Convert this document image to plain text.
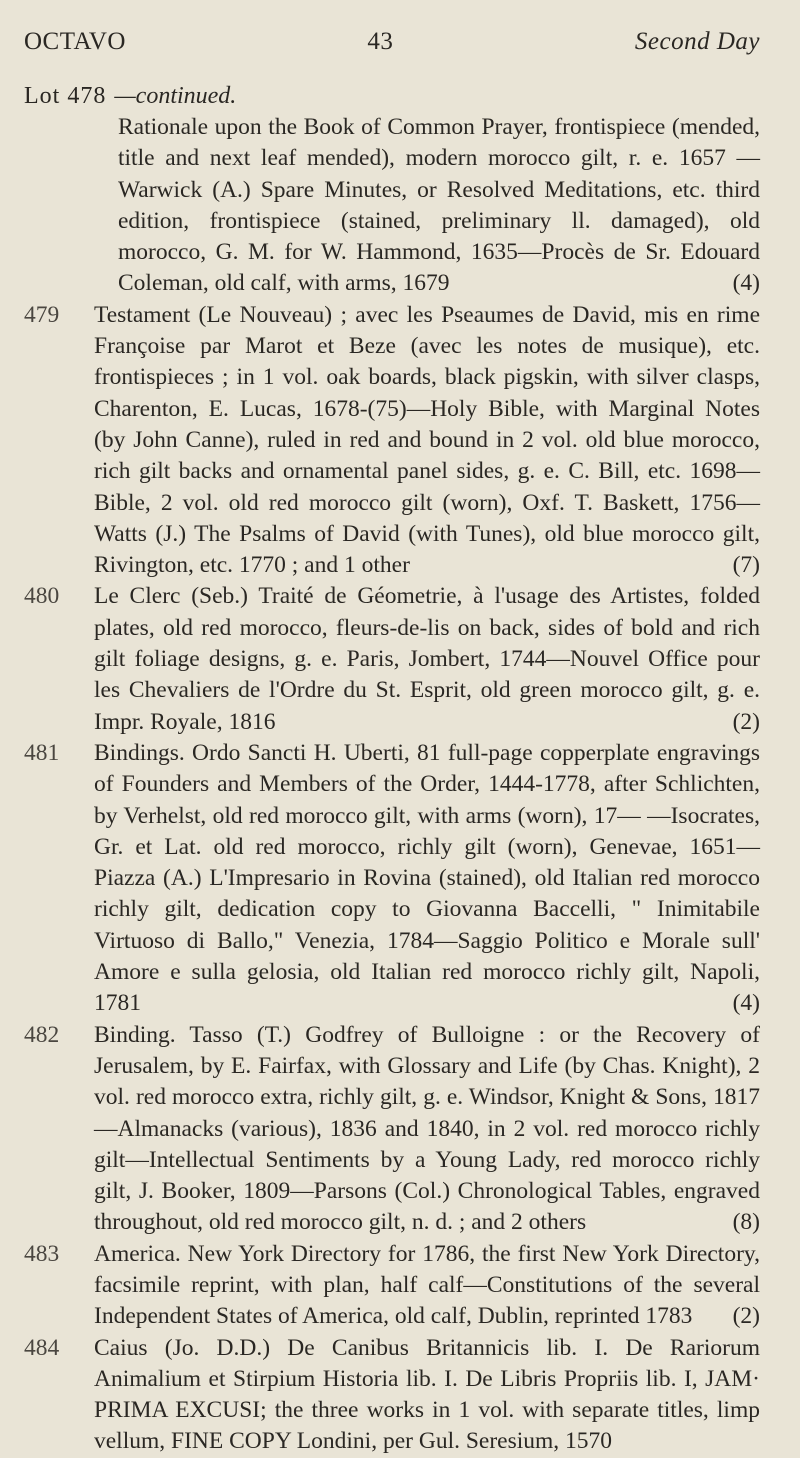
OCTAVO	43	Second Day
Lot 478 —continued.
Rationale upon the Book of Common Prayer, frontispiece (mended, title and next leaf mended), modern morocco gilt, r. e. 1657 —Warwick (A.) Spare Minutes, or Resolved Meditations, etc. third edition, frontispiece (stained, preliminary ll. damaged), old morocco, G. M. for W. Hammond, 1635—Procès de Sr. Edouard Coleman, old calf, with arms, 1679	(4)
479	Testament (Le Nouveau) ; avec les Pseaumes de David, mis en rime Françoise par Marot et Beze (avec les notes de musique), etc. frontispieces ; in 1 vol. oak boards, black pigskin, with silver clasps, Charenton, E. Lucas, 1678-(75)—Holy Bible, with Marginal Notes (by John Canne), ruled in red and bound in 2 vol. old blue morocco, rich gilt backs and ornamental panel sides, g. e. C. Bill, etc. 1698—Bible, 2 vol. old red morocco gilt (worn), Oxf. T. Baskett, 1756—Watts (J.) The Psalms of David (with Tunes), old blue morocco gilt, Rivington, etc. 1770 ; and 1 other	(7)
480	Le Clerc (Seb.) Traité de Géometrie, à l'usage des Artistes, folded plates, old red morocco, fleurs-de-lis on back, sides of bold and rich gilt foliage designs, g. e. Paris, Jombert, 1744—Nouvel Office pour les Chevaliers de l'Ordre du St. Esprit, old green morocco gilt, g. e. Impr. Royale, 1816	(2)
481	Bindings. Ordo Sancti H. Uberti, 81 full-page copperplate engravings of Founders and Members of the Order, 1444-1778, after Schlichten, by Verhelst, old red morocco gilt, with arms (worn), 17— —Isocrates, Gr. et Lat. old red morocco, richly gilt (worn), Genevae, 1651—Piazza (A.) L'Impresario in Rovina (stained), old Italian red morocco richly gilt, dedication copy to Giovanna Baccelli, " Inimitabile Virtuoso di Ballo," Venezia, 1784—Saggio Politico e Morale sull' Amore e sulla gelosia, old Italian red morocco richly gilt, Napoli, 1781	(4)
482	Binding. Tasso (T.) Godfrey of Bulloigne : or the Recovery of Jerusalem, by E. Fairfax, with Glossary and Life (by Chas. Knight), 2 vol. red morocco extra, richly gilt, g. e. Windsor, Knight & Sons, 1817—Almanacks (various), 1836 and 1840, in 2 vol. red morocco richly gilt—Intellectual Sentiments by a Young Lady, red morocco richly gilt, J. Booker, 1809—Parsons (Col.) Chronological Tables, engraved throughout, old red morocco gilt, n. d. ; and 2 others	(8)
483	America. New York Directory for 1786, the first New York Directory, facsimile reprint, with plan, half calf—Constitutions of the several Independent States of America, old calf, Dublin, reprinted 1783 (2)
484	Caius (Jo. D.D.) De Canibus Britannicis lib. I. De Rariorum Animalium et Stirpium Historia lib. I. De Libris Propriis lib. I, JAM· PRIMA EXCUSI; the three works in 1 vol. with separate titles, limp vellum, FINE COPY Londini, per Gul. Seresium, 1570
